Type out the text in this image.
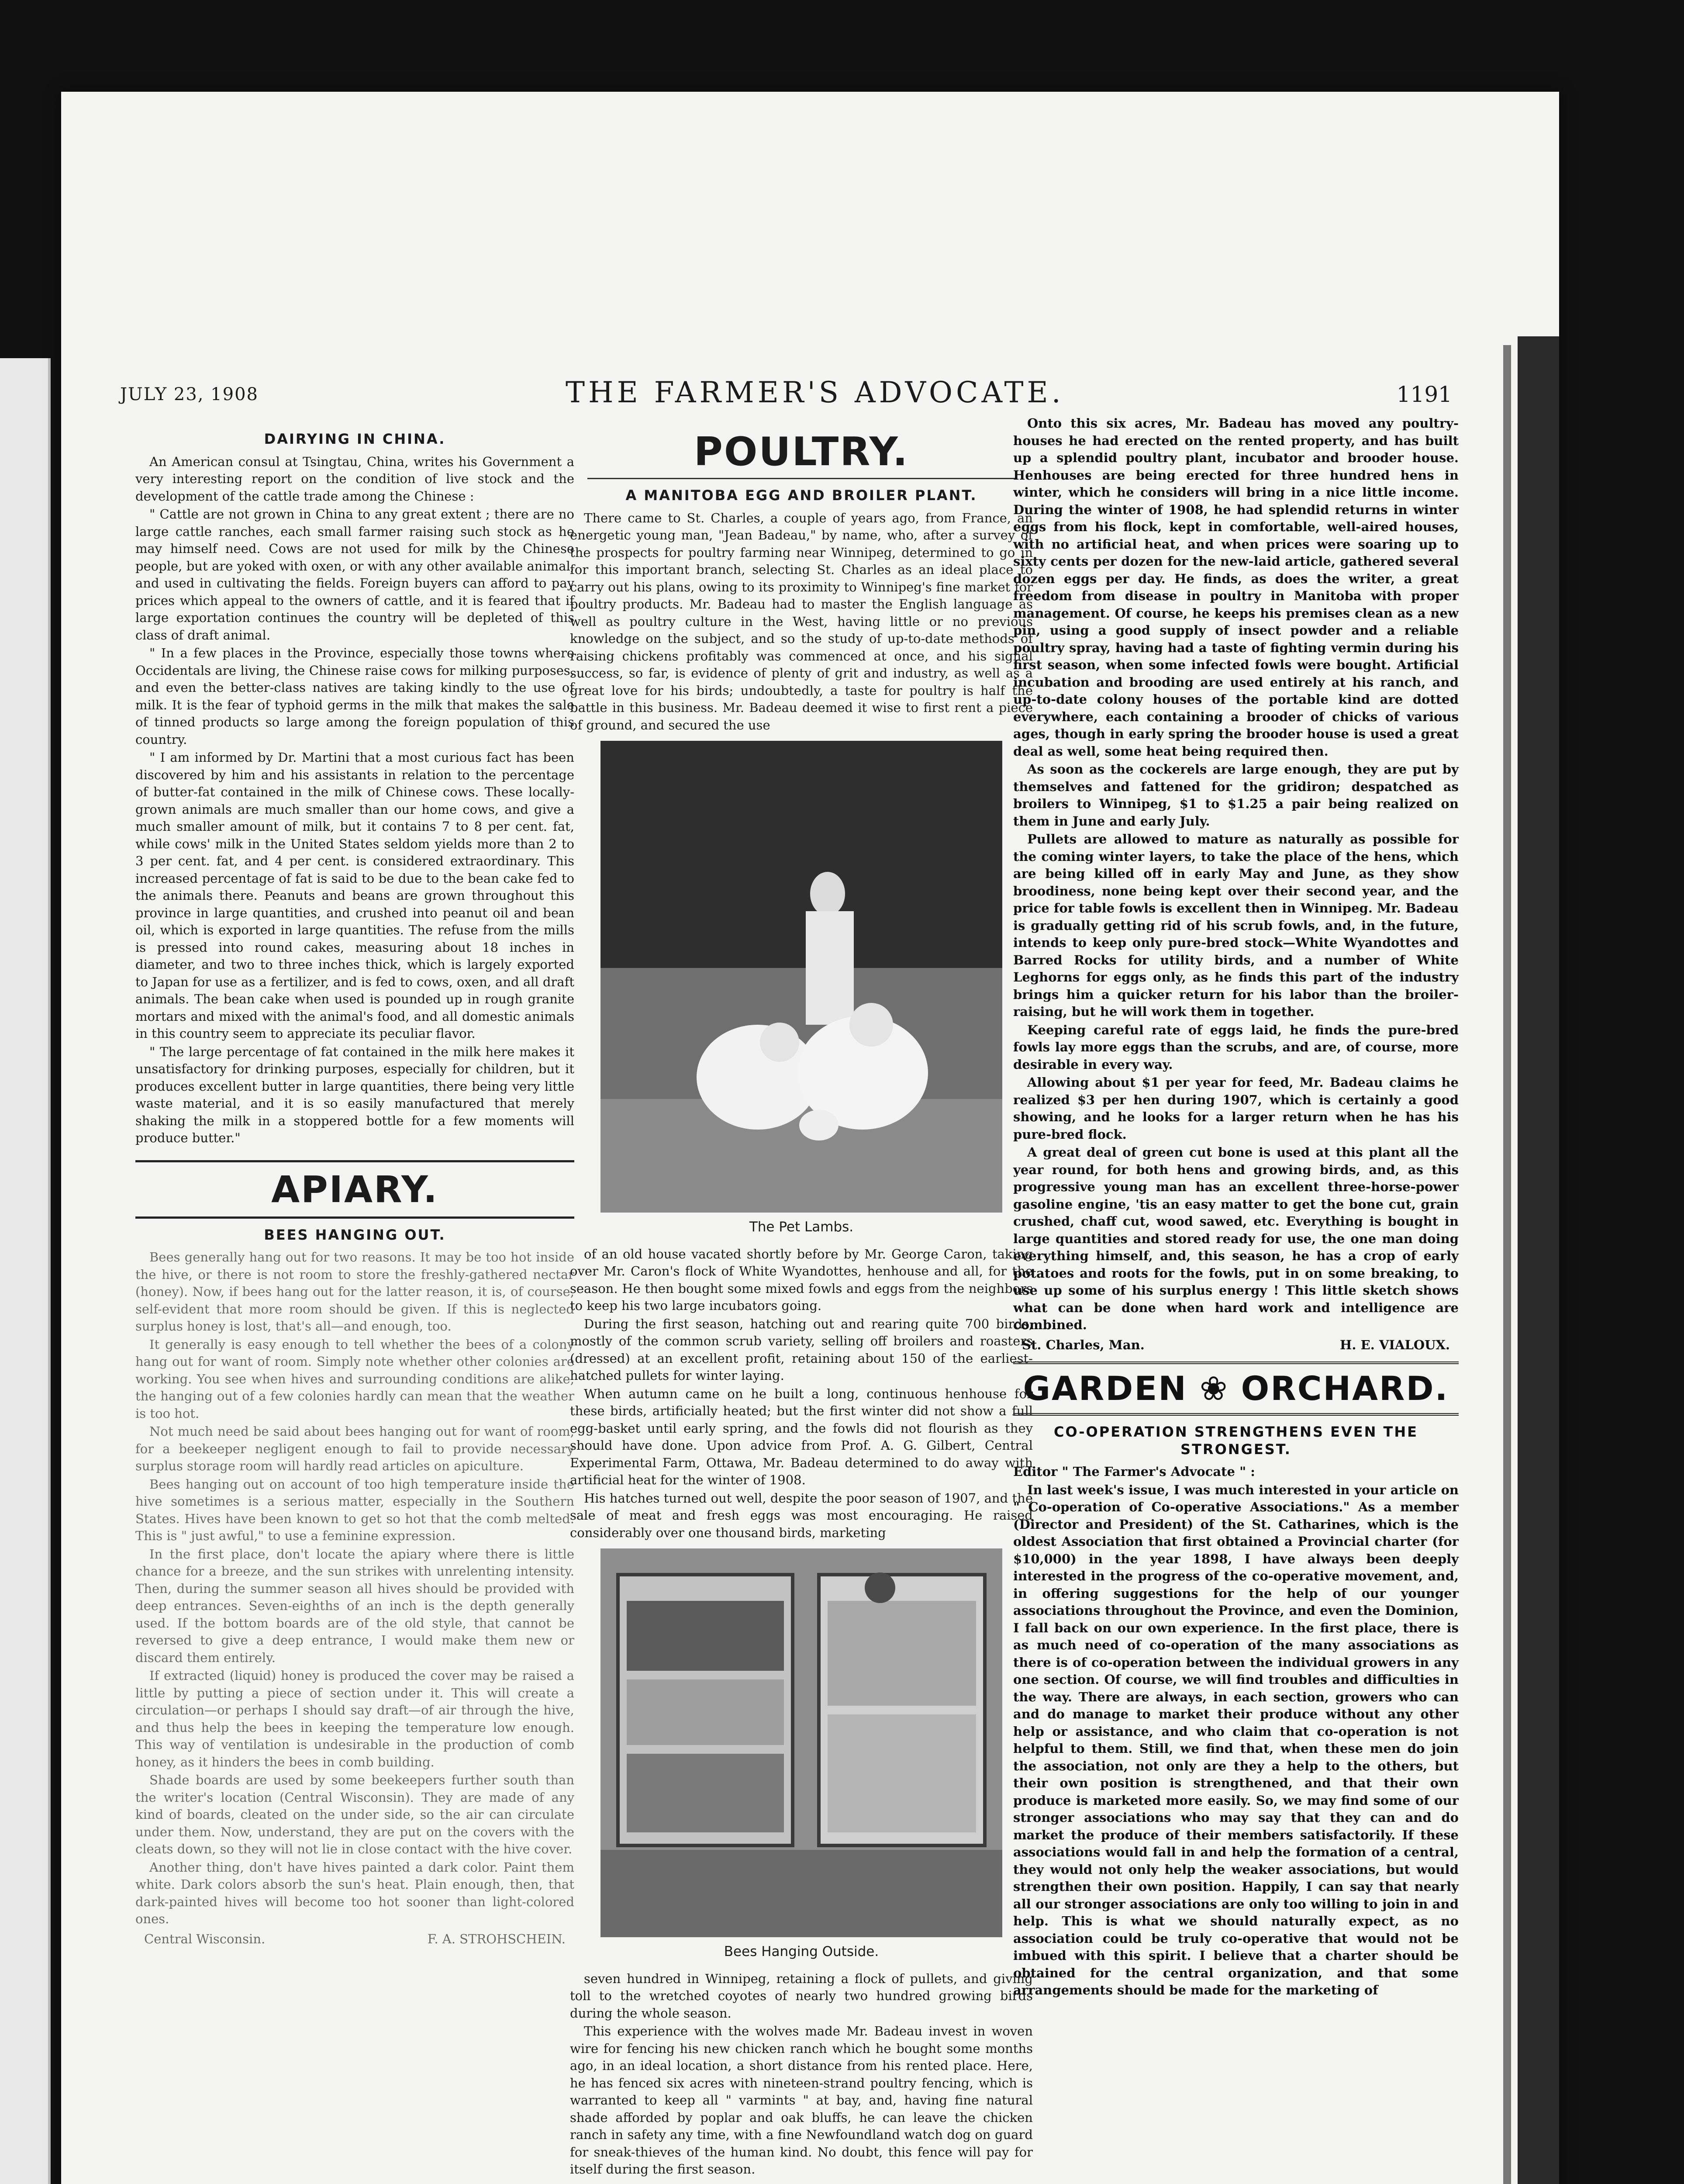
JULY 23, 1908	THE FARMER'S ADVOCATE.	1191
DAIRYING IN CHINA.

An American consul at Tsingtau, China, writes his Government a very interesting report on the condition of live stock and the development of the cattle trade among the Chinese :

" Cattle are not grown in China to any great extent ; there are no large cattle ranches, each small farmer raising such stock as he may himself need. Cows are not used for milk by the Chinese people, but are yoked with oxen, or with any other available animal, and used in cultivating the fields. Foreign buyers can afford to pay prices which appeal to the owners of cattle, and it is feared that if large exportation continues the country will be depleted of this class of draft animal.

" In a few places in the Province, especially those towns where Occidentals are living, the Chinese raise cows for milking purposes, and even the better-class natives are taking kindly to the use of milk. It is the fear of typhoid germs in the milk that makes the sale of tinned products so large among the foreign population of this country.

" I am informed by Dr. Martini that a most curious fact has been discovered by him and his assistants in relation to the percentage of butter-fat contained in the milk of Chinese cows. These locally-grown animals are much smaller than our home cows, and give a much smaller amount of milk, but it contains 7 to 8 per cent. fat, while cows' milk in the United States seldom yields more than 2 to 3 per cent. fat, and 4 per cent. is considered extraordinary. This increased percentage of fat is said to be due to the bean cake fed to the animals there. Peanuts and beans are grown throughout this province in large quantities, and crushed into peanut oil and bean oil, which is exported in large quantities. The refuse from the mills is pressed into round cakes, measuring about 18 inches in diameter, and two to three inches thick, which is largely exported to Japan for use as a fertilizer, and is fed to cows, oxen, and all draft animals. The bean cake when used is pounded up in rough granite mortars and mixed with the animal's food, and all domestic animals in this country seem to appreciate its peculiar flavor.

" The large percentage of fat contained in the milk here makes it unsatisfactory for drinking purposes, especially for children, but it produces excellent butter in large quantities, there being very little waste material, and it is so easily manufactured that merely shaking the milk in a stoppered bottle for a few moments will produce butter."

APIARY.
BEES HANGING OUT.

Bees generally hang out for two reasons. It may be too hot inside the hive, or there is not room to store the freshly-gathered nectar (honey). Now, if bees hang out for the latter reason, it is, of course, self-evident that more room should be given. If this is neglected surplus honey is lost, that's all—and enough, too.

It generally is easy enough to tell whether the bees of a colony hang out for want of room. Simply note whether other colonies are working. You see when hives and surrounding conditions are alike, the hanging out of a few colonies hardly can mean that the weather is too hot.

Not much need be said about bees hanging out for want of room, for a beekeeper negligent enough to fail to provide necessary surplus storage room will hardly read articles on apiculture.

Bees hanging out on account of too high temperature inside the hive sometimes is a serious matter, especially in the Southern States. Hives have been known to get so hot that the comb melted. This is " just awful," to use a feminine expression.

In the first place, don't locate the apiary where there is little chance for a breeze, and the sun strikes with unrelenting intensity. Then, during the summer season all hives should be provided with deep entrances. Seven-eighths of an inch is the depth generally used. If the bottom boards are of the old style, that cannot be reversed to give a deep entrance, I would make them new or discard them entirely.

If extracted (liquid) honey is produced the cover may be raised a little by putting a piece of section under it. This will create a circulation—or perhaps I should say draft—of air through the hive, and thus help the bees in keeping the temperature low enough. This way of ventilation is undesirable in the production of comb honey, as it hinders the bees in comb building.

Shade boards are used by some beekeepers further south than the writer's location (Central Wisconsin). They are made of any kind of boards, cleated on the under side, so the air can circulate under them. Now, understand, they are put on the covers with the cleats down, so they will not lie in close contact with the hive cover.

Another thing, don't have hives painted a dark color. Paint them white. Dark colors absorb the sun's heat. Plain enough, then, that dark-painted hives will become too hot sooner than light-colored ones.

Central Wisconsin.	F. A. STROHSCHEIN.
POULTRY.
A MANITOBA EGG AND BROILER PLANT.

There came to St. Charles, a couple of years ago, from France, an energetic young man, "Jean Badeau," by name, who, after a survey of the prospects for poultry farming near Winnipeg, determined to go in for this important branch, selecting St. Charles as an ideal place to carry out his plans, owing to its proximity to Winnipeg's fine market for poultry products. Mr. Badeau had to master the English language as well as poultry culture in the West, having little or no previous knowledge on the subject, and so the study of up-to-date methods of raising chickens profitably was commenced at once, and his signal success, so far, is evidence of plenty of grit and industry, as well as a great love for his birds; undoubtedly, a taste for poultry is half the battle in this business. Mr. Badeau deemed it wise to first rent a piece of ground, and secured the use

The Pet Lambs.

of an old house vacated shortly before by Mr. George Caron, taking over Mr. Caron's flock of White Wyandottes, henhouse and all, for the season. He then bought some mixed fowls and eggs from the neighbors to keep his two large incubators going.

During the first season, hatching out and rearing quite 700 birds, mostly of the common scrub variety, selling off broilers and roasters (dressed) at an excellent profit, retaining about 150 of the earliest-hatched pullets for winter laying.

When autumn came on he built a long, continuous henhouse for these birds, artificially heated; but the first winter did not show a full egg-basket until early spring, and the fowls did not flourish as they should have done. Upon advice from Prof. A. G. Gilbert, Central Experimental Farm, Ottawa, Mr. Badeau determined to do away with artificial heat for the winter of 1908.

His hatches turned out well, despite the poor season of 1907, and the sale of meat and fresh eggs was most encouraging. He raised considerably over one thousand birds, marketing

Bees Hanging Outside.

seven hundred in Winnipeg, retaining a flock of pullets, and giving toll to the wretched coyotes of nearly two hundred growing birds during the whole season.

This experience with the wolves made Mr. Badeau invest in woven wire for fencing his new chicken ranch which he bought some months ago, in an ideal location, a short distance from his rented place. Here, he has fenced six acres with nineteen-strand poultry fencing, which is warranted to keep all " varmints " at bay, and, having fine natural shade afforded by poplar and oak bluffs, he can leave the chicken ranch in safety any time, with a fine Newfoundland watch dog on guard for sneak-thieves of the human kind. No doubt, this fence will pay for itself during the first season.

Onto this six acres, Mr. Badeau has moved any poultry-houses he had erected on the rented property, and has built up a splendid poultry plant, incubator and brooder house. Henhouses are being erected for three hundred hens in winter, which he considers will bring in a nice little income. During the winter of 1908, he had splendid returns in winter eggs from his flock, kept in comfortable, well-aired houses, with no artificial heat, and when prices were soaring up to sixty cents per dozen for the new-laid article, gathered several dozen eggs per day. He finds, as does the writer, a great freedom from disease in poultry in Manitoba with proper management. Of course, he keeps his premises clean as a new pin, using a good supply of insect powder and a reliable poultry spray, having had a taste of fighting vermin during his first season, when some infected fowls were bought. Artificial incubation and brooding are used entirely at his ranch, and up-to-date colony houses of the portable kind are dotted everywhere, each containing a brooder of chicks of various ages, though in early spring the brooder house is used a great deal as well, some heat being required then.

As soon as the cockerels are large enough, they are put by themselves and fattened for the gridiron; despatched as broilers to Winnipeg, $1 to $1.25 a pair being realized on them in June and early July.

Pullets are allowed to mature as naturally as possible for the coming winter layers, to take the place of the hens, which are being killed off in early May and June, as they show broodiness, none being kept over their second year, and the price for table fowls is excellent then in Winnipeg. Mr. Badeau is gradually getting rid of his scrub fowls, and, in the future, intends to keep only pure-bred stock—White Wyandottes and Barred Rocks for utility birds, and a number of White Leghorns for eggs only, as he finds this part of the industry brings him a quicker return for his labor than the broiler-raising, but he will work them in together.

Keeping careful rate of eggs laid, he finds the pure-bred fowls lay more eggs than the scrubs, and are, of course, more desirable in every way.

Allowing about $1 per year for feed, Mr. Badeau claims he realized $3 per hen during 1907, which is certainly a good showing, and he looks for a larger return when he has his pure-bred flock.

A great deal of green cut bone is used at this plant all the year round, for both hens and growing birds, and, as this progressive young man has an excellent three-horse-power gasoline engine, 'tis an easy matter to get the bone cut, grain crushed, chaff cut, wood sawed, etc. Everything is bought in large quantities and stored ready for use, the one man doing everything himself, and, this season, he has a crop of early potatoes and roots for the fowls, put in on some breaking, to use up some of his surplus energy ! This little sketch shows what can be done when hard work and intelligence are combined.

St. Charles, Man.	H. E. VIALOUX.
GARDEN ❀ ORCHARD.
CO-OPERATION STRENGTHENS EVEN THE STRONGEST.

Editor " The Farmer's Advocate " :

In last week's issue, I was much interested in your article on " Co-operation of Co-operative Associations." As a member (Director and President) of the St. Catharines, which is the oldest Association that first obtained a Provincial charter (for $10,000) in the year 1898, I have always been deeply interested in the progress of the co-operative movement, and, in offering suggestions for the help of our younger associations throughout the Province, and even the Dominion, I fall back on our own experience. In the first place, there is as much need of co-operation of the many associations as there is of co-operation between the individual growers in any one section. Of course, we will find troubles and difficulties in the way. There are always, in each section, growers who can and do manage to market their produce without any other help or assistance, and who claim that co-operation is not helpful to them. Still, we find that, when these men do join the association, not only are they a help to the others, but their own position is strengthened, and that their own produce is marketed more easily. So, we may find some of our stronger associations who may say that they can and do market the produce of their members satisfactorily. If these associations would fall in and help the formation of a central, they would not only help the weaker associations, but would strengthen their own position. Happily, I can say that nearly all our stronger associations are only too willing to join in and help. This is what we should naturally expect, as no association could be truly co-operative that would not be imbued with this spirit. I believe that a charter should be obtained for the central organization, and that some arrangements should be made for the marketing of
